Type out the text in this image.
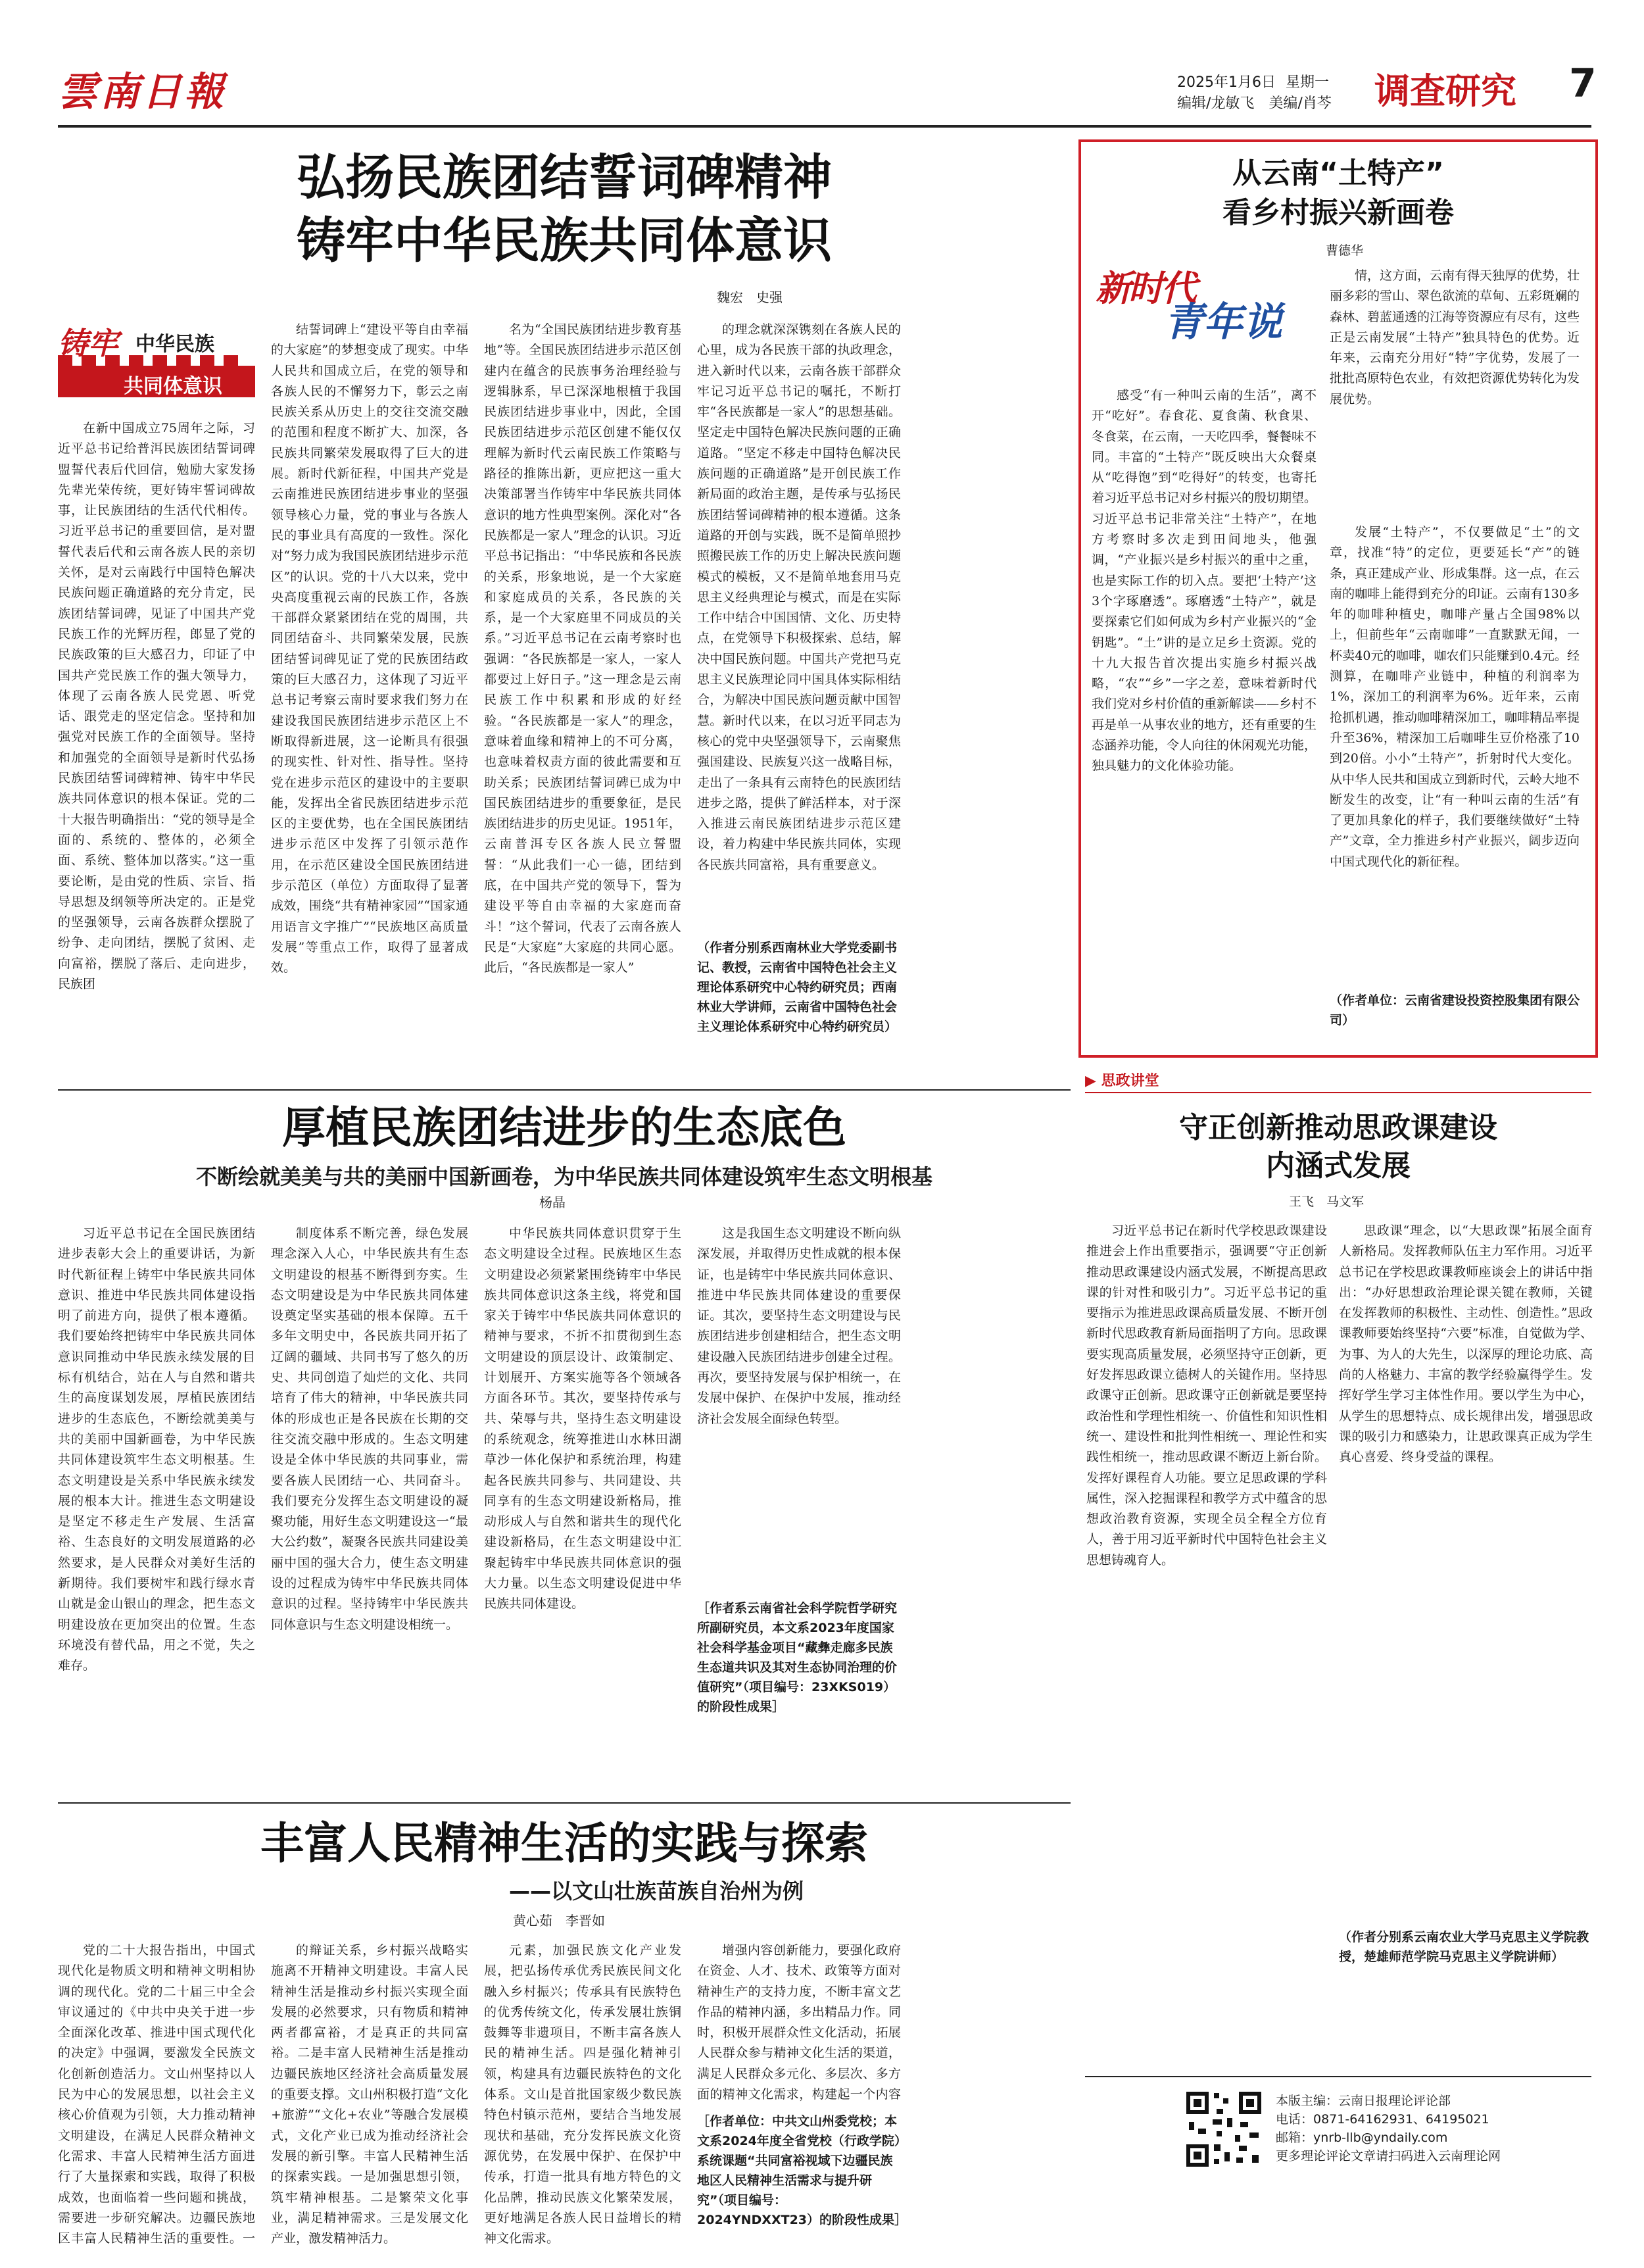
雲南日報	2025年1月6日 星期一
编辑/龙敏飞　美编/肖芩 调查研究 7
弘扬民族团结誓词碑精神
铸牢中华民族共同体意识
魏宏　史强
铸牢 中华民族
共同体意识

在新中国成立75周年之际，习近平总书记给普洱民族团结誓词碑盟誓代表后代回信，勉励大家发扬先辈光荣传统，更好铸牢誓词碑故事，让民族团结的生活代代相传。习近平总书记的重要回信，是对盟誓代表后代和云南各族人民的亲切关怀，是对云南践行中国特色解决民族问题正确道路的充分肯定，民族团结誓词碑，见证了中国共产党民族工作的光辉历程，郎显了党的民族政策的巨大感召力，印证了中国共产党民族工作的强大领导力，体现了云南各族人民党恩、听党话、跟党走的坚定信念。坚持和加强党对民族工作的全面领导。坚持和加强党的全面领导是新时代弘扬民族团结誓词碑精神、铸牢中华民族共同体意识的根本保证。党的二十大报告明确指出：“党的领导是全面的、系统的、整体的，必须全面、系统、整体加以落实。”这一重要论断，是由党的性质、宗旨、指导思想及纲领等所决定的。正是党的坚强领导，云南各族群众摆脱了纷争、走向团结，摆脱了贫困、走向富裕，摆脱了落后、走向进步，民族团

结誓词碑上“建设平等自由幸福的大家庭”的梦想变成了现实。中华人民共和国成立后，在党的领导和各族人民的不懈努力下，彰云之南民族关系从历史上的交往交流交融的范围和程度不断扩大、加深，各民族共同繁荣发展取得了巨大的进展。新时代新征程，中国共产党是云南推进民族团结进步事业的坚强领导核心力量，党的事业与各族人民的事业具有高度的一致性。深化对“努力成为我国民族团结进步示范区”的认识。党的十八大以来，党中央高度重视云南的民族工作，各族干部群众紧紧团结在党的周围，共同团结奋斗、共同繁荣发展，民族团结誓词碑见证了党的民族团结政策的巨大感召力，这体现了习近平总书记考察云南时要求我们努力在建设我国民族团结进步示范区上不断取得新进展，这一论断具有很强的现实性、针对性、指导性。坚持党在进步示范区的建设中的主要职能，发挥出全省民族团结进步示范区的主要优势，也在全国民族团结进步示范区中发挥了引领示范作用，在示范区建设全国民族团结进步示范区（单位）方面取得了显著成效，围绕“共有精神家园”“国家通用语言文字推广”“民族地区高质量发展”等重点工作，取得了显著成效。

名为“全国民族团结进步教育基地”等。全国民族团结进步示范区创建内在蕴含的民族事务治理经验与逻辑脉系，早已深深地根植于我国民族团结进步事业中，因此，全国民族团结进步示范区创建不能仅仅理解为新时代云南民族工作策略与路径的推陈出新，更应把这一重大决策部署当作铸牢中华民族共同体意识的地方性典型案例。深化对“各民族都是一家人”理念的认识。习近平总书记指出：“中华民族和各民族的关系，形象地说，是一个大家庭和家庭成员的关系，各民族的关系，是一个大家庭里不同成员的关系。”习近平总书记在云南考察时也强调：“各民族都是一家人，一家人都要过上好日子。”这一理念是云南民族工作中积累和形成的好经验。“各民族都是一家人”的理念，意味着血缘和精神上的不可分离，也意味着权责方面的彼此需要和互助关系；民族团结誓词碑已成为中国民族团结进步的重要象征，是民族团结进步的历史见证。1951年，云南普洱专区各族人民立誓盟誓：“从此我们一心一德，团结到底，在中国共产党的领导下，誓为建设平等自由幸福的大家庭而奋斗！”这个誓词，代表了云南各族人民是“大家庭”大家庭的共同心愿。此后，“各民族都是一家人”

的理念就深深镌刻在各族人民的心里，成为各民族干部的执政理念，进入新时代以来，云南各族干部群众牢记习近平总书记的嘱托，不断打牢“各民族都是一家人”的思想基础。坚定走中国特色解决民族问题的正确道路。“坚定不移走中国特色解决民族问题的正确道路”是开创民族工作新局面的政治主题，是传承与弘扬民族团结誓词碑精神的根本遵循。这条道路的开创与实践，既不是简单照抄照搬民族工作的历史上解决民族问题模式的模板，又不是简单地套用马克思主义经典理论与模式，而是在实际工作中结合中国国情、文化、历史特点，在党领导下积极探索、总结，解决中国民族问题。中国共产党把马克思主义民族理论同中国具体实际相结合，为解决中国民族问题贡献中国智慧。新时代以来，在以习近平同志为核心的党中央坚强领导下，云南聚焦强国建设、民族复兴这一战略目标，走出了一条具有云南特色的民族团结进步之路，提供了鲜活样本，对于深入推进云南民族团结进步示范区建设，着力构建中华民族共同体，实现各民族共同富裕，具有重要意义。

（作者分别系西南林业大学党委副书记、教授，云南省中国特色社会主义理论体系研究中心特约研究员；西南林业大学讲师，云南省中国特色社会主义理论体系研究中心特约研究员）
厚植民族团结进步的生态底色
不断绘就美美与共的美丽中国新画卷，为中华民族共同体建设筑牢生态文明根基
杨晶

习近平总书记在全国民族团结进步表彰大会上的重要讲话，为新时代新征程上铸牢中华民族共同体意识、推进中华民族共同体建设指明了前进方向，提供了根本遵循。我们要始终把铸牢中华民族共同体意识同推动中华民族永续发展的目标有机结合，站在人与自然和谐共生的高度谋划发展，厚植民族团结进步的生态底色，不断绘就美美与共的美丽中国新画卷，为中华民族共同体建设筑牢生态文明根基。生态文明建设是关系中华民族永续发展的根本大计。推进生态文明建设是坚定不移走生产发展、生活富裕、生态良好的文明发展道路的必然要求，是人民群众对美好生活的新期待。我们要树牢和践行绿水青山就是金山银山的理念，把生态文明建设放在更加突出的位置。生态环境没有替代品，用之不觉，失之难存。

制度体系不断完善，绿色发展理念深入人心，中华民族共有生态文明建设的根基不断得到夯实。生态文明建设是为中华民族共同体建设奠定坚实基础的根本保障。五千多年文明史中，各民族共同开拓了辽阔的疆域、共同书写了悠久的历史、共同创造了灿烂的文化、共同培育了伟大的精神，中华民族共同体的形成也正是各民族在长期的交往交流交融中形成的。生态文明建设是全体中华民族的共同事业，需要各族人民团结一心、共同奋斗。我们要充分发挥生态文明建设的凝聚功能，用好生态文明建设这一“最大公约数”，凝聚各民族共同建设美丽中国的强大合力，使生态文明建设的过程成为铸牢中华民族共同体意识的过程。坚持铸牢中华民族共同体意识与生态文明建设相统一。

中华民族共同体意识贯穿于生态文明建设全过程。民族地区生态文明建设必须紧紧围绕铸牢中华民族共同体意识这条主线，将党和国家关于铸牢中华民族共同体意识的精神与要求，不折不扣贯彻到生态文明建设的顶层设计、政策制定、计划展开、方案实施等各个领域各方面各环节。其次，要坚持传承与共、荣辱与共，坚持生态文明建设的系统观念，统筹推进山水林田湖草沙一体化保护和系统治理，构建起各民族共同参与、共同建设、共同享有的生态文明建设新格局，推动形成人与自然和谐共生的现代化建设新格局，在生态文明建设中汇聚起铸牢中华民族共同体意识的强大力量。以生态文明建设促进中华民族共同体建设。

这是我国生态文明建设不断向纵深发展，并取得历史性成就的根本保证，也是铸牢中华民族共同体意识、推进中华民族共同体建设的重要保证。其次，要坚持生态文明建设与民族团结进步创建相结合，把生态文明建设融入民族团结进步创建全过程。再次，要坚持发展与保护相统一，在发展中保护、在保护中发展，推动经济社会发展全面绿色转型。

［作者系云南省社会科学院哲学研究所副研究员，本文系2023年度国家社会科学基金项目“藏彝走廊多民族生态道共识及其对生态协同治理的价值研究”（项目编号：23XKS019）的阶段性成果］
丰富人民精神生活的实践与探索
——以文山壮族苗族自治州为例
黄心茹　李晋如

党的二十大报告指出，中国式现代化是物质文明和精神文明相协调的现代化。党的二十届三中全会审议通过的《中共中央关于进一步全面深化改革、推进中国式现代化的决定》中强调，要激发全民族文化创新创造活力。文山州坚持以人民为中心的发展思想，以社会主义核心价值观为引领，大力推动精神文明建设，在满足人民群众精神文化需求、丰富人民精神生活方面进行了大量探索和实践，取得了积极成效，也面临着一些问题和挑战，需要进一步研究解决。边疆民族地区丰富人民精神生活的重要性。一

的辩证关系，乡村振兴战略实施离不开精神文明建设。丰富人民精神生活是推动乡村振兴实现全面发展的必然要求，只有物质和精神两者都富裕，才是真正的共同富裕。二是丰富人民精神生活是推动边疆民族地区经济社会高质量发展的重要支撑。文山州积极打造“文化+旅游”“文化+农业”等融合发展模式，文化产业已成为推动经济社会发展的新引擎。丰富人民精神生活的探索实践。一是加强思想引领，筑牢精神根基。二是繁荣文化事业，满足精神需求。三是发展文化产业，激发精神活力。

元素，加强民族文化产业发展，把弘扬传承优秀民族民间文化融入乡村振兴；传承具有民族特色的优秀传统文化，传承发展壮族铜鼓舞等非遗项目，不断丰富各族人民的精神生活。四是强化精神引领，构建具有边疆民族特色的文化体系。文山是首批国家级少数民族特色村镇示范州，要结合当地发展现状和基础，充分发挥民族文化资源优势，在发展中保护、在保护中传承，打造一批具有地方特色的文化品牌，推动民族文化繁荣发展，更好地满足各族人民日益增长的精神文化需求。

增强内容创新能力，要强化政府在资金、人才、技术、政策等方面对精神生产的支持力度，不断丰富文艺作品的精神内涵，多出精品力作。同时，积极开展群众性文化活动，拓展人民群众参与精神文化生活的渠道，满足人民群众多元化、多层次、多方面的精神文化需求，构建起一个内容

［作者单位：中共文山州委党校；本文系2024年度全省党校（行政学院）系统课题“共同富裕视域下边疆民族地区人民精神生活需求与提升研究”（项目编号：2024YNDXXT23）的阶段性成果］
从云南“土特产”
看乡村振兴新画卷
曹德华
新时代
青年说

情，这方面，云南有得天独厚的优势，壮丽多彩的雪山、翠色欲流的草甸、五彩斑斓的森林、碧蓝通透的江海等资源应有尽有，这些正是云南发展“土特产”独具特色的优势。近年来，云南充分用好“特”字优势，发展了一批批高原特色农业，有效把资源优势转化为发展优势。

感受“有一种叫云南的生活”，离不开“吃好”。春食花、夏食菌、秋食果、冬食菜，在云南，一天吃四季，餐餐味不同。丰富的“土特产”既反映出大众餐桌从“吃得饱”到“吃得好”的转变，也寄托着习近平总书记对乡村振兴的殷切期望。习近平总书记非常关注“土特产”，在地方考察时多次走到田间地头，他强调，“产业振兴是乡村振兴的重中之重，也是实际工作的切入点。要把‘土特产’这3个字琢磨透”。琢磨透“土特产”，就是要探索它们如何成为乡村产业振兴的“金钥匙”。“土”讲的是立足乡土资源。党的十九大报告首次提出实施乡村振兴战略，“农”“乡”一字之差，意味着新时代我们党对乡村价值的重新解读——乡村不再是单一从事农业的地方，还有重要的生态涵养功能，令人向往的休闲观光功能，独具魅力的文化体验功能。

发展“土特产”，不仅要做足“土”的文章，找准“特”的定位，更要延长“产”的链条，真正建成产业、形成集群。这一点，在云南的咖啡上能得到充分的印证。云南有130多年的咖啡种植史，咖啡产量占全国98%以上，但前些年“云南咖啡”一直默默无闻，一杯卖40元的咖啡，咖农们只能赚到0.4元。经测算，在咖啡产业链中，种植的利润率为1%，深加工的利润率为6%。近年来，云南抢抓机遇，推动咖啡精深加工，咖啡精品率提升至36%，精深加工后咖啡生豆价格涨了10到20倍。小小“土特产”，折射时代大变化。从中华人民共和国成立到新时代，云岭大地不断发生的改变，让“有一种叫云南的生活”有了更加具象化的样子，我们要继续做好“土特产”文章，全力推进乡村产业振兴，阔步迈向中国式现代化的新征程。

（作者单位：云南省建设投资控股集团有限公司）
▶ 思政讲堂
守正创新推动思政课建设
内涵式发展
王飞　马文军

习近平总书记在新时代学校思政课建设推进会上作出重要指示，强调要“守正创新推动思政课建设内涵式发展，不断提高思政课的针对性和吸引力”。习近平总书记的重要指示为推进思政课高质量发展、不断开创新时代思政教育新局面指明了方向。思政课要实现高质量发展，必须坚持守正创新，更好发挥思政课立德树人的关键作用。坚持思政课守正创新。思政课守正创新就是要坚持政治性和学理性相统一、价值性和知识性相统一、建设性和批判性相统一、理论性和实践性相统一，推动思政课不断迈上新台阶。发挥好课程育人功能。要立足思政课的学科属性，深入挖掘课程和教学方式中蕴含的思想政治教育资源，实现全员全程全方位育人，善于用习近平新时代中国特色社会主义思想铸魂育人。

思政课“理念，以“大思政课”拓展全面育人新格局。发挥教师队伍主力军作用。习近平总书记在学校思政课教师座谈会上的讲话中指出：“办好思想政治理论课关键在教师，关键在发挥教师的积极性、主动性、创造性。”思政课教师要始终坚持“六要”标准，自觉做为学、为事、为人的大先生，以深厚的理论功底、高尚的人格魅力、丰富的教学经验赢得学生。发挥好学生学习主体性作用。要以学生为中心，从学生的思想特点、成长规律出发，增强思政课的吸引力和感染力，让思政课真正成为学生真心喜爱、终身受益的课程。

（作者分别系云南农业大学马克思主义学院教授，楚雄师范学院马克思主义学院讲师）
本版主编：云南日报理论评论部
电话：0871-64162931、64195021
邮箱：ynrb-llb@yndaily.com
更多理论评论文章请扫码进入云南理论网
